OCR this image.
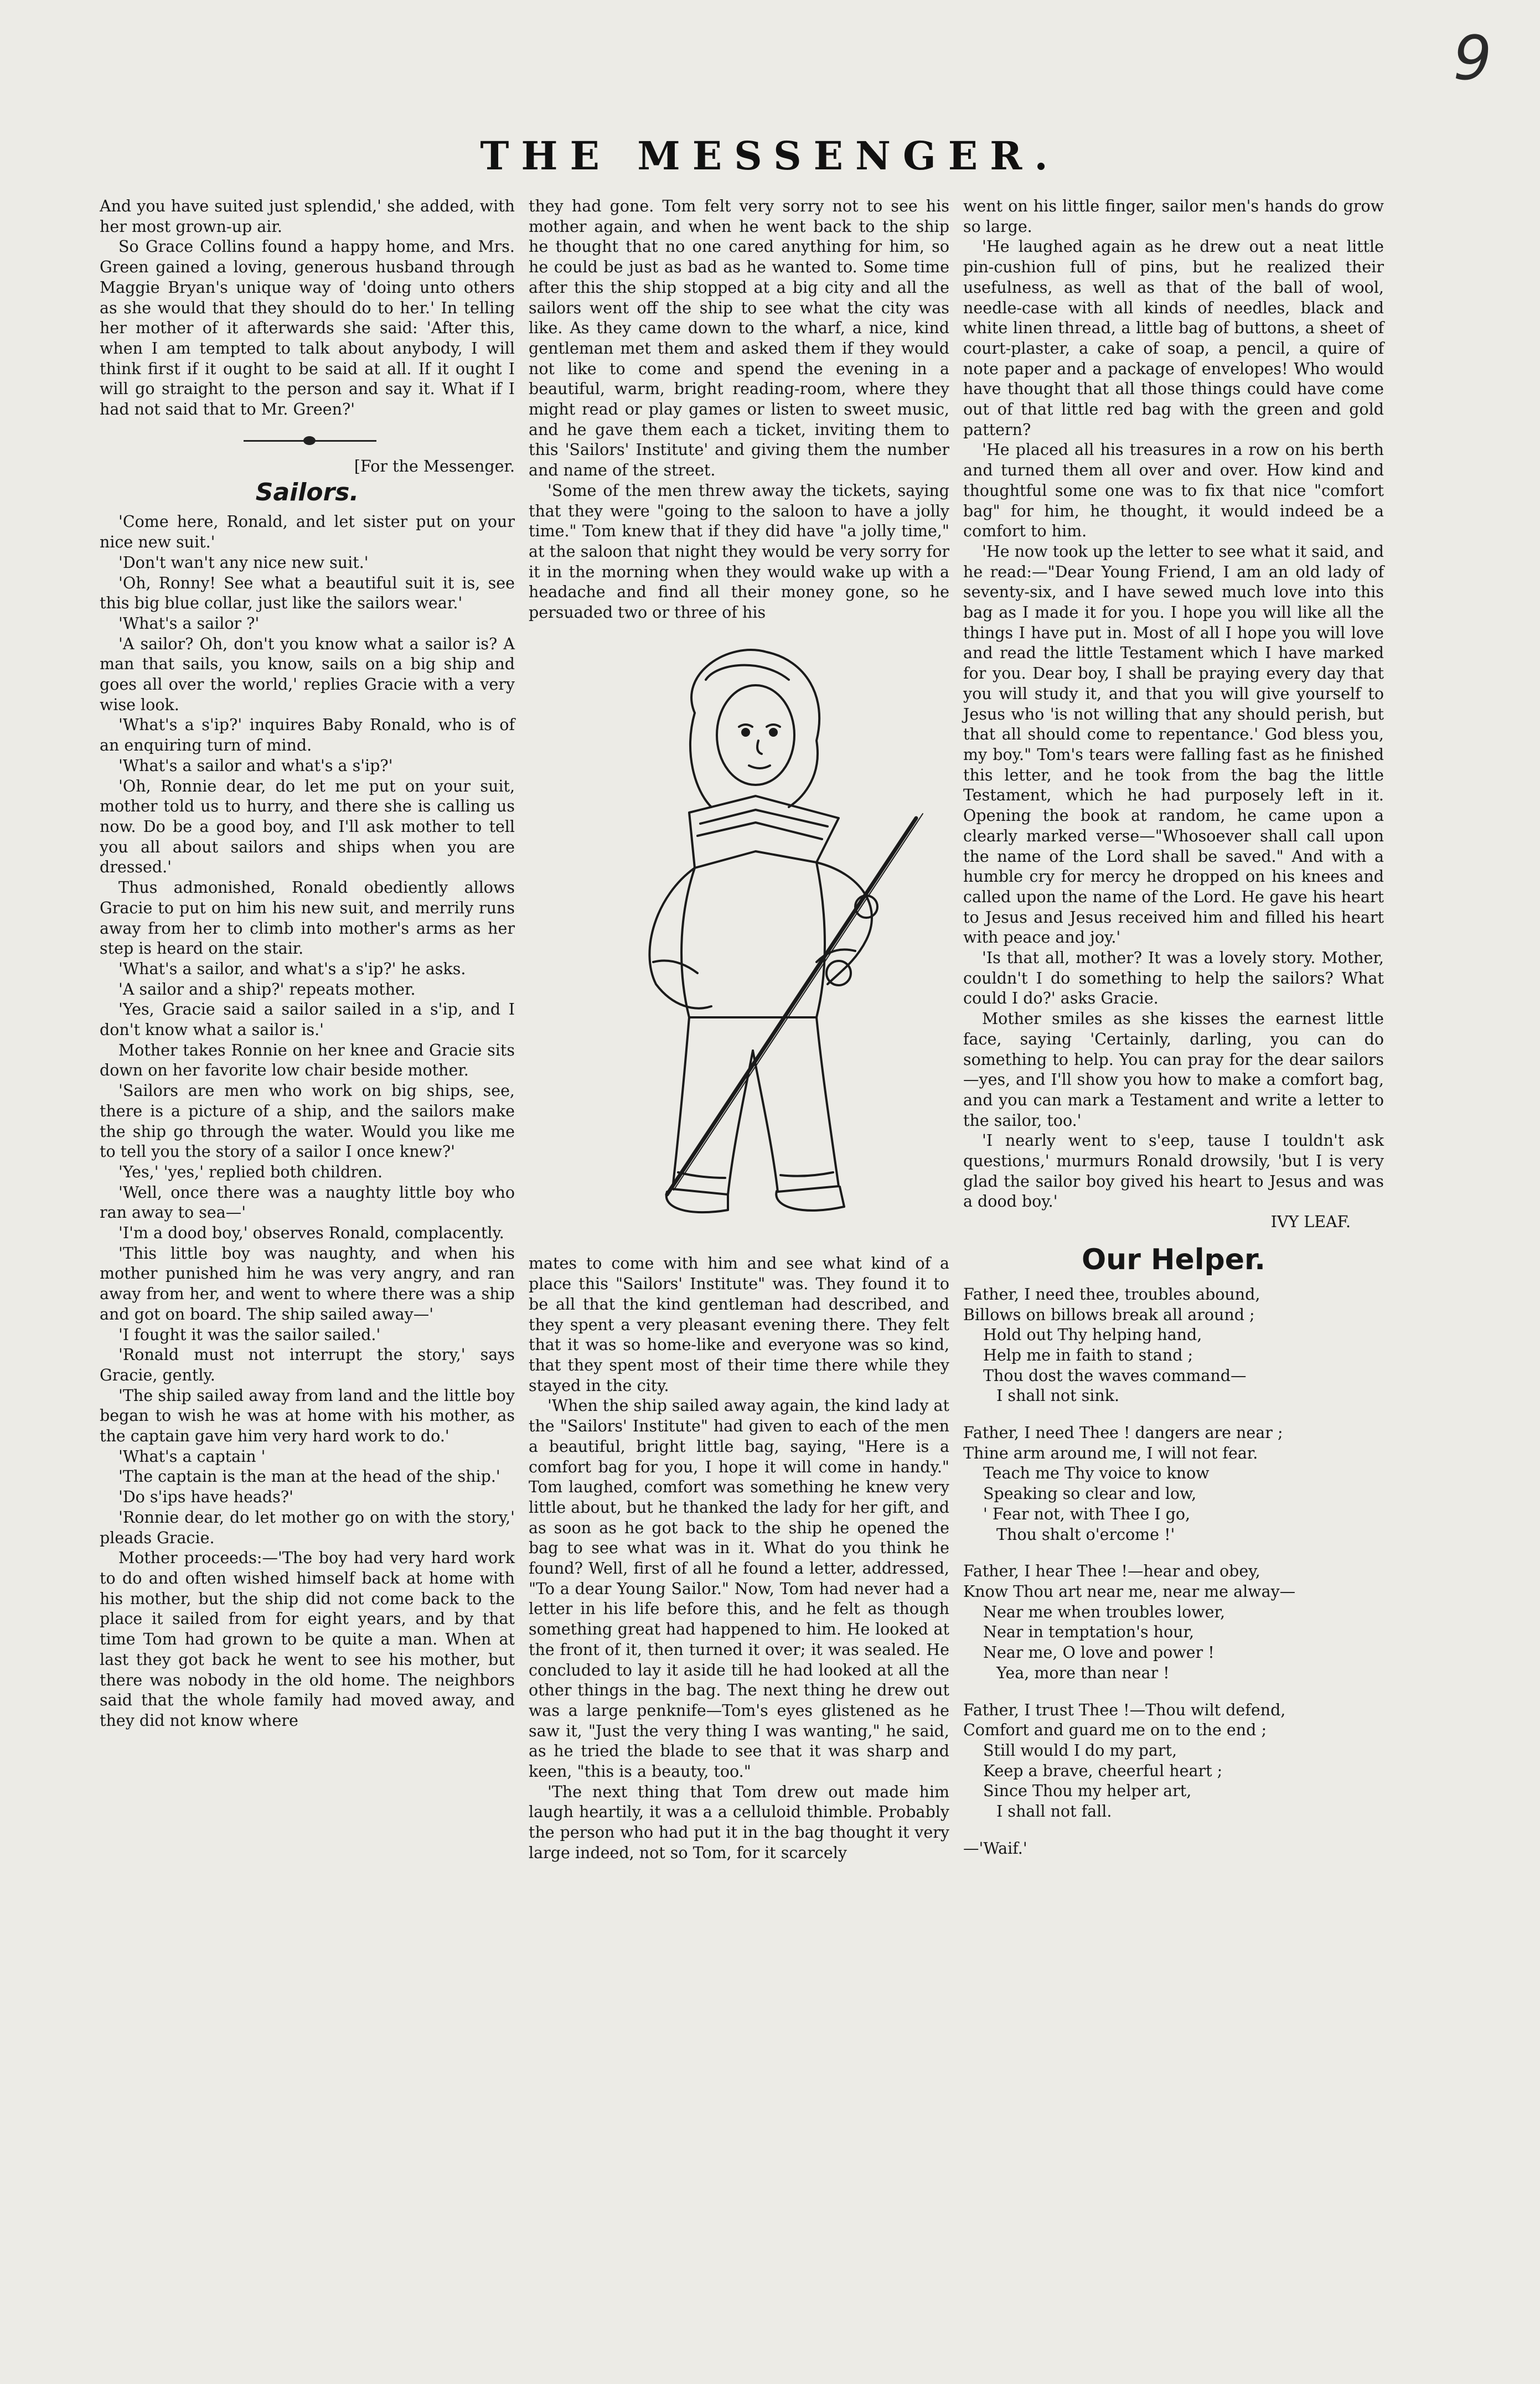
9
THE MESSENGER.

And you have suited just splendid,' she added, with her most grown-up air.

So Grace Collins found a happy home, and Mrs. Green gained a loving, generous husband through Maggie Bryan's unique way of 'doing unto others as she would that they should do to her.' In telling her mother of it afterwards she said: 'After this, when I am tempted to talk about anybody, I will think first if it ought to be said at all. If it ought I will go straight to the person and say it. What if I had not said that to Mr. Green?'

[For the Messenger.

Sailors.

'Come here, Ronald, and let sister put on your nice new suit.'

'Don't wan't any nice new suit.'

'Oh, Ronny! See what a beautiful suit it is, see this big blue collar, just like the sailors wear.'

'What's a sailor ?'

'A sailor? Oh, don't you know what a sailor is? A man that sails, you know, sails on a big ship and goes all over the world,' replies Gracie with a very wise look.

'What's a s'ip?' inquires Baby Ronald, who is of an enquiring turn of mind.

'What's a sailor and what's a s'ip?'

'Oh, Ronnie dear, do let me put on your suit, mother told us to hurry, and there she is calling us now. Do be a good boy, and I'll ask mother to tell you all about sailors and ships when you are dressed.'

Thus admonished, Ronald obediently allows Gracie to put on him his new suit, and merrily runs away from her to climb into mother's arms as her step is heard on the stair.

'What's a sailor, and what's a s'ip?' he asks.

'A sailor and a ship?' repeats mother.

'Yes, Gracie said a sailor sailed in a s'ip, and I don't know what a sailor is.'

Mother takes Ronnie on her knee and Gracie sits down on her favorite low chair beside mother.

'Sailors are men who work on big ships, see, there is a picture of a ship, and the sailors make the ship go through the water. Would you like me to tell you the story of a sailor I once knew?'

'Yes,' 'yes,' replied both children.

'Well, once there was a naughty little boy who ran away to sea—'

'I'm a dood boy,' observes Ronald, complacently.

'This little boy was naughty, and when his mother punished him he was very angry, and ran away from her, and went to where there was a ship and got on board. The ship sailed away—'

'I fought it was the sailor sailed.'

'Ronald must not interrupt the story,' says Gracie, gently.

'The ship sailed away from land and the little boy began to wish he was at home with his mother, as the captain gave him very hard work to do.'

'What's a captain '

'The captain is the man at the head of the ship.'

'Do s'ips have heads?'

'Ronnie dear, do let mother go on with the story,' pleads Gracie.

Mother proceeds:—'The boy had very hard work to do and often wished himself back at home with his mother, but the ship did not come back to the place it sailed from for eight years, and by that time Tom had grown to be quite a man. When at last they got back he went to see his mother, but there was nobody in the old home. The neighbors said that the whole family had moved away, and they did not know where

they had gone. Tom felt very sorry not to see his mother again, and when he went back to the ship he thought that no one cared anything for him, so he could be just as bad as he wanted to. Some time after this the ship stopped at a big city and all the sailors went off the ship to see what the city was like. As they came down to the wharf, a nice, kind gentleman met them and asked them if they would not like to come and spend the evening in a beautiful, warm, bright reading-room, where they might read or play games or listen to sweet music, and he gave them each a ticket, inviting them to this 'Sailors' Institute' and giving them the number and name of the street.

'Some of the men threw away the tickets, saying that they were "going to the saloon to have a jolly time." Tom knew that if they did have "a jolly time," at the saloon that night they would be very sorry for it in the morning when they would wake up with a headache and find all their money gone, so he persuaded two or three of his

mates to come with him and see what kind of a place this "Sailors' Institute" was. They found it to be all that the kind gentleman had described, and they spent a very pleasant evening there. They felt that it was so home-like and everyone was so kind, that they spent most of their time there while they stayed in the city.

'When the ship sailed away again, the kind lady at the "Sailors' Institute" had given to each of the men a beautiful, bright little bag, saying, "Here is a comfort bag for you, I hope it will come in handy." Tom laughed, comfort was something he knew very little about, but he thanked the lady for her gift, and as soon as he got back to the ship he opened the bag to see what was in it. What do you think he found? Well, first of all he found a letter, addressed, "To a dear Young Sailor." Now, Tom had never had a letter in his life before this, and he felt as though something great had happened to him. He looked at the front of it, then turned it over; it was sealed. He concluded to lay it aside till he had looked at all the other things in the bag. The next thing he drew out was a large penknife—Tom's eyes glistened as he saw it, "Just the very thing I was wanting," he said, as he tried the blade to see that it was sharp and keen, "this is a beauty, too."

'The next thing that Tom drew out made him laugh heartily, it was a a celluloid thimble. Probably the person who had put it in the bag thought it very large indeed, not so Tom, for it scarcely

went on his little finger, sailor men's hands do grow so large.

'He laughed again as he drew out a neat little pin-cushion full of pins, but he realized their usefulness, as well as that of the ball of wool, needle-case with all kinds of needles, black and white linen thread, a little bag of buttons, a sheet of court-plaster, a cake of soap, a pencil, a quire of note paper and a package of envelopes! Who would have thought that all those things could have come out of that little red bag with the green and gold pattern?

'He placed all his treasures in a row on his berth and turned them all over and over. How kind and thoughtful some one was to fix that nice "comfort bag" for him, he thought, it would indeed be a comfort to him.

'He now took up the letter to see what it said, and he read:—"Dear Young Friend, I am an old lady of seventy-six, and I have sewed much love into this bag as I made it for you. I hope you will like all the things I have put in. Most of all I hope you will love and read the little Testament which I have marked for you. Dear boy, I shall be praying every day that you will study it, and that you will give yourself to Jesus who 'is not willing that any should perish, but that all should come to repentance.' God bless you, my boy." Tom's tears were falling fast as he finished this letter, and he took from the bag the little Testament, which he had purposely left in it. Opening the book at random, he came upon a clearly marked verse—"Whosoever shall call upon the name of the Lord shall be saved." And with a humble cry for mercy he dropped on his knees and called upon the name of the Lord. He gave his heart to Jesus and Jesus received him and filled his heart with peace and joy.'

'Is that all, mother? It was a lovely story. Mother, couldn't I do something to help the sailors? What could I do?' asks Gracie.

Mother smiles as she kisses the earnest little face, saying 'Certainly, darling, you can do something to help. You can pray for the dear sailors—yes, and I'll show you how to make a comfort bag, and you can mark a Testament and write a letter to the sailor, too.'

'I nearly went to s'eep, tause I touldn't ask questions,' murmurs Ronald drowsily, 'but I is very glad the sailor boy gived his heart to Jesus and was a dood boy.'

IVY LEAF.

Our Helper.
Father, I need thee, troubles abound,
Billows on billows break all around ;
Hold out Thy helping hand,
Help me in faith to stand ;
Thou dost the waves command—
I shall not sink.
Father, I need Thee ! dangers are near ;
Thine arm around me, I will not fear.
Teach me Thy voice to know
Speaking so clear and low,
' Fear not, with Thee I go,
Thou shalt o'ercome !'
Father, I hear Thee !—hear and obey,
Know Thou art near me, near me alway—
Near me when troubles lower,
Near in temptation's hour,
Near me, O love and power !
Yea, more than near !
Father, I trust Thee !—Thou wilt defend,
Comfort and guard me on to the end ;
Still would I do my part,
Keep a brave, cheerful heart ;
Since Thou my helper art,
I shall not fall.
—'Waif.'
